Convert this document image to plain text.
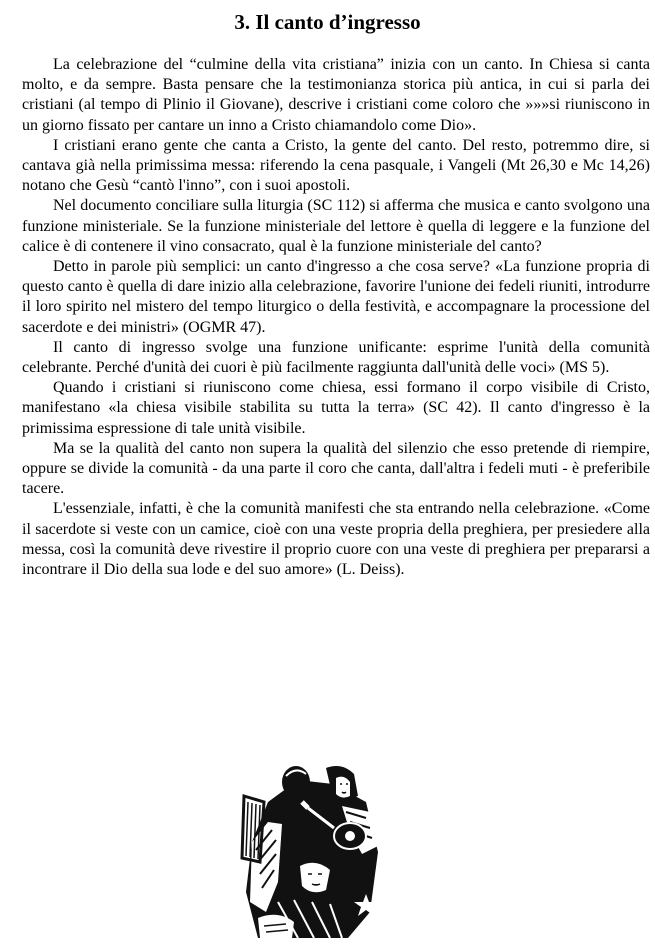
3. Il canto d’ingresso

La celebrazione del “culmine della vita cristiana” inizia con un canto. In Chiesa si canta molto, e da sempre. Basta pensare che la testimonianza storica più antica, in cui si parla dei cristiani (al tempo di Plinio il Giovane), descrive i cristiani come coloro che »»»si riuniscono in un giorno fissato per cantare un inno a Cristo chiamandolo come Dio».

I cristiani erano gente che canta a Cristo, la gente del canto. Del resto, potremmo dire, si cantava già nella primissima messa: riferendo la cena pasquale, i Vangeli (Mt 26,30 e Mc 14,26) notano che Gesù “cantò l'inno”, con i suoi apostoli.

Nel documento conciliare sulla liturgia (SC 112) si afferma che musica e canto svolgono una funzione ministeriale. Se la funzione ministeriale del lettore è quella di leggere e la funzione del calice è di contenere il vino consacrato, qual è la funzione ministeriale del canto?

Detto in parole più semplici: un canto d'ingresso a che cosa serve? «La funzione propria di questo canto è quella di dare inizio alla celebrazione, favorire l'unione dei fedeli riuniti, introdurre il loro spirito nel mistero del tempo liturgico o della festività, e accompagnare la processione del sacerdote e dei ministri» (OGMR 47).

Il canto di ingresso svolge una funzione unificante: esprime l'unità della comunità celebrante. Perché d'unità dei cuori è più facilmente raggiunta dall'unità delle voci» (MS 5).

Quando i cristiani si riuniscono come chiesa, essi formano il corpo visibile di Cristo, manifestano «la chiesa visibile stabilita su tutta la terra» (SC 42). Il canto d'ingresso è la primissima espressione di tale unità visibile.

Ma se la qualità del canto non supera la qualità del silenzio che esso pretende di riempire, oppure se divide la comunità - da una parte il coro che canta, dall'altra i fedeli muti - è preferibile tacere.

L'essenziale, infatti, è che la comunità manifesti che sta entrando nella celebrazione. «Come il sacerdote si veste con un camice, cioè con una veste propria della preghiera, per presiedere alla messa, così la comunità deve rivestire il proprio cuore con una veste di preghiera per prepararsi a incontrare il Dio della sua lode e del suo amore» (L. Deiss).
